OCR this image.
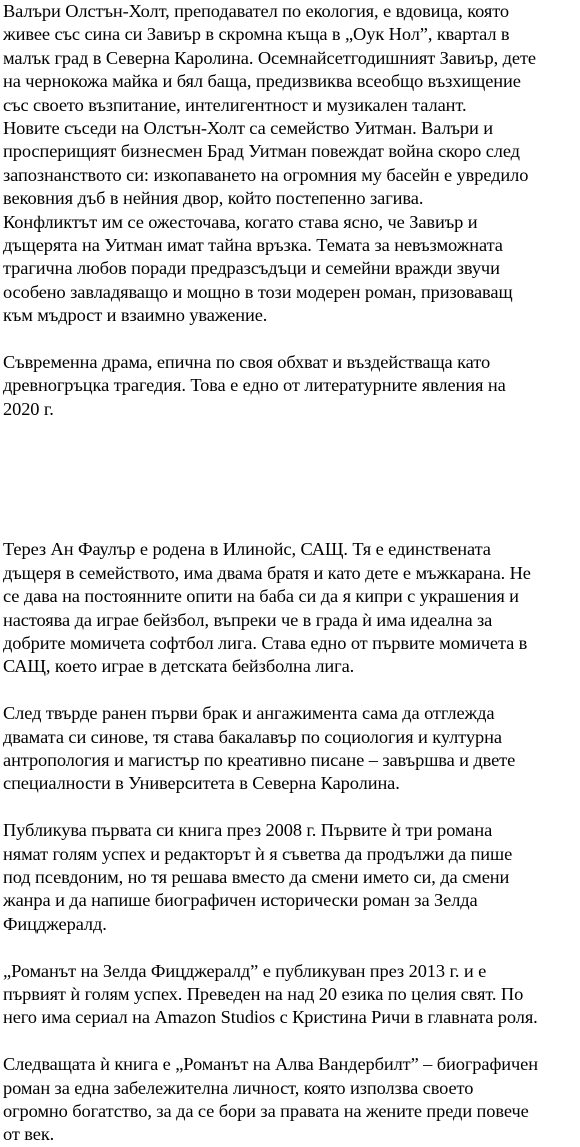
Валъри Олстън-Холт, преподавател по екология, е вдовица, която
живее със сина си Завиър в скромна къща в „Оук Нол”, квартал в
малък град в Северна Каролина. Осемнайсетгодишният Завиър, дете
на чернокожа майка и бял баща, предизвиква всеобщо възхищение
със своето възпитание, интелигентност и музикален талант.
Новите съседи на Олстън-Холт са семейство Уитман. Валъри и
просперищият бизнесмен Брад Уитман повеждат война скоро след
запознанството си: изкопаването на огромния му басейн е увредило
вековния дъб в нейния двор, който постепенно загива.
Конфликтът им се ожесточава, когато става ясно, че Завиър и
дъщерята на Уитман имат тайна връзка. Темата за невъзможната
трагична любов поради предразсъдъци и семейни вражди звучи
особено завладяващо и мощно в този модерен роман, призоваващ
към мъдрост и взаимно уважение.

Съвременна драма, епична по своя обхват и въздействаща като
древногръцка трагедия. Това е едно от литературните явления на
2020 г.

Терез Ан Фаулър е родена в Илинойс, САЩ. Тя е единствената
дъщеря в семейството, има двама братя и като дете е мъжкарана. Не
се дава на постоянните опити на баба си да я кипри с украшения и
настоява да играе бейзбол, въпреки че в града ѝ има идеална за
добрите момичета софтбол лига. Става едно от първите момичета в
САЩ, което играе в детската бейзболна лига.

След твърде ранен първи брак и ангажимента сама да отглежда
двамата си синове, тя става бакалавър по социология и културна
антропология и магистър по креативно писане – завършва и двете
специалности в Университета в Северна Каролина.

Публикува първата си книга през 2008 г. Първите ѝ три романа
нямат голям успех и редакторът ѝ я съветва да продължи да пише
под псевдоним, но тя решава вместо да смени името си, да смени
жанра и да напише биографичен исторически роман за Зелда
Фицджералд.

„Романът на Зелда Фицджералд” е публикуван през 2013 г. и е
първият ѝ голям успех. Преведен на над 20 езика по целия свят. По
него има сериал на Amazon Studios с Кристина Ричи в главната роля.

Следващата ѝ книга е „Романът на Алва Вандербилт” – биографичен
роман за една забележителна личност, която използва своето
огромно богатство, за да се бори за правата на жените преди повече
от век.
